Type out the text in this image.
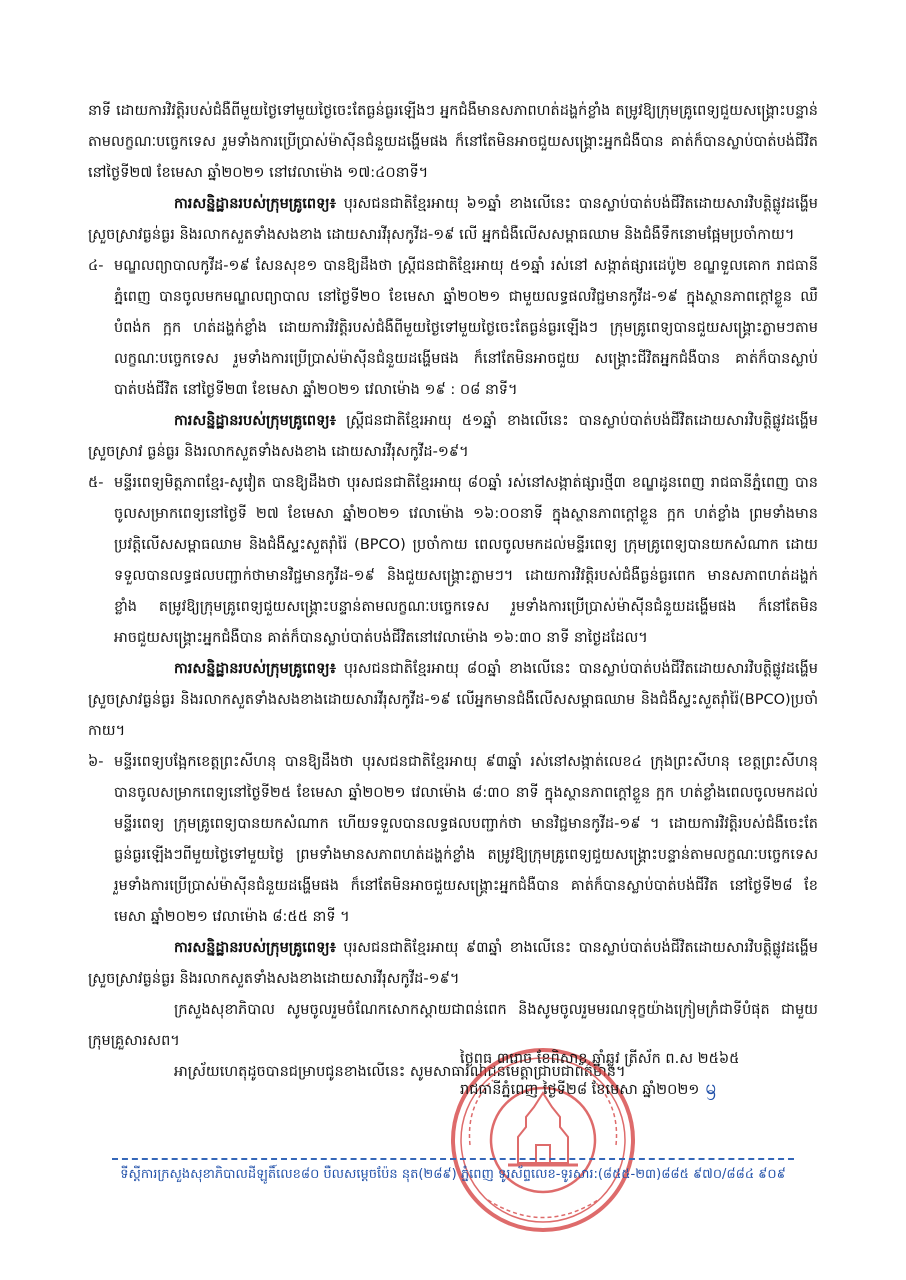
នាទី ដោយការវិវត្តិរបស់ជំងឺពីមួយថ្ងៃទៅមួយថ្ងៃចេះតែធ្ងន់ធ្ងរឡើងៗ អ្នកជំងឺមានសភាពហត់ដង្ហក់ខ្លាំង តម្រូវឱ្យក្រុមគ្រូពេទ្យជួយសង្គ្រោះបន្ទាន់តាមលក្ខណៈបច្ចេកទេស រួមទាំងការប្រើប្រាស់ម៉ាស៊ីនជំនួយដង្ហើមផង ក៏នៅតែមិនអាចជួយសង្គ្រោះអ្នកជំងឺបាន គាត់ក៏បានស្លាប់បាត់បង់ជីវិត នៅថ្ងៃទី២៧ ខែមេសា ឆ្នាំ២០២១ នៅវេលាម៉ោង ១៧:៤០នាទី។

ការសន្និដ្ឋានរបស់ក្រុមគ្រូពេទ្យ៖ បុរសជនជាតិខ្មែរអាយុ ៦១ឆ្នាំ ខាងលើនេះ បានស្លាប់បាត់បង់ជីវិតដោយសារវិបត្តិផ្លូវដង្ហើមស្រួចស្រាវធ្ងន់ធ្ងរ និងរលាកសួតទាំងសងខាង ដោយសារវីរុសកូវីដ-១៩ លើ អ្នកជំងឺលើសសម្ពាធឈាម និងជំងឺទឹកនោមផ្អែមប្រចាំកាយ។

៤- មណ្ឌលព្យាបាលកូវីដ-១៩ សែនសុខ១ បានឱ្យដឹងថា ស្ត្រីជនជាតិខ្មែរអាយុ ៥១ឆ្នាំ រស់នៅ សង្កាត់ផ្សារដេប៉ូ២ ខណ្ឌទួលគោក រាជធានីភ្នំពេញ បានចូលមកមណ្ឌលព្យាបាល នៅថ្ងៃទី២០ ខែមេសា ឆ្នាំ២០២១ ជាមួយលទ្ធផលវិជ្ជមានកូវីដ-១៩ ក្នុងស្ថានភាពក្តៅខ្លួន ឈឺបំពង់ក ក្អក ហត់ដង្ហក់ខ្លាំង ដោយការវិវត្តិរបស់ជំងឺពីមួយថ្ងៃទៅមួយថ្ងៃចេះតែធ្ងន់ធ្ងរឡើងៗ ក្រុមគ្រូពេទ្យបានជួយសង្គ្រោះភ្លាមៗតាមលក្ខណៈបច្ចេកទេស រួមទាំងការប្រើប្រាស់ម៉ាស៊ីនជំនួយដង្ហើមផង ក៏នៅតែមិនអាចជួយ សង្គ្រោះជីវិតអ្នកជំងឺបាន គាត់ក៏បានស្លាប់បាត់បង់ជីវិត នៅថ្ងៃទី២៣ ខែមេសា ឆ្នាំ២០២១ វេលាម៉ោង ១៩ : ០៨ នាទី។

ការសន្និដ្ឋានរបស់ក្រុមគ្រូពេទ្យ៖ ស្ត្រីជនជាតិខ្មែរអាយុ ៥១ឆ្នាំ ខាងលើនេះ បានស្លាប់បាត់បង់ជីវិតដោយសារវិបត្តិផ្លូវដង្ហើមស្រួចស្រាវ ធ្ងន់ធ្ងរ និងរលាកសួតទាំងសងខាង ដោយសារវីរុសកូវីដ-១៩។

៥- មន្ទីរពេទ្យមិត្តភាពខ្មែរ-សូវៀត បានឱ្យដឹងថា បុរសជនជាតិខ្មែរអាយុ ៨០ឆ្នាំ រស់នៅសង្កាត់ផ្សារថ្មី៣ ខណ្ឌដូនពេញ រាជធានីភ្នំពេញ បានចូលសម្រាកពេទ្យនៅថ្ងៃទី ២៧ ខែមេសា ឆ្នាំ២០២១ វេលាម៉ោង ១៦:០០នាទី ក្នុងស្ថានភាពក្តៅខ្លួន ក្អក ហត់ខ្លាំង ព្រមទាំងមានប្រវត្តិលើសសម្ពាធឈាម និងជំងឺស្ទះសួតរ៉ាំរ៉ៃ (BPCO) ប្រចាំកាយ ពេលចូលមកដល់មន្ទីរពេទ្យ ក្រុមគ្រូពេទ្យបានយកសំណាក ដោយទទួលបានលទ្ធផលបញ្ជាក់ថាមានវិជ្ជមានកូវីដ-១៩ និងជួយសង្គ្រោះភ្លាមៗ។ ដោយការវិវត្តិរបស់ជំងឺធ្ងន់ធ្ងរពេក មានសភាពហត់ដង្ហក់ខ្លាំង តម្រូវឱ្យក្រុមគ្រូពេទ្យជួយសង្គ្រោះបន្ទាន់តាមលក្ខណៈបច្ចេកទេស រួមទាំងការប្រើប្រាស់ម៉ាស៊ីនជំនួយដង្ហើមផង ក៏នៅតែមិនអាចជួយសង្គ្រោះអ្នកជំងឺបាន គាត់ក៏បានស្លាប់បាត់បង់ជីវិតនៅវេលាម៉ោង ១៦:៣០ នាទី នាថ្ងៃដដែល។

ការសន្និដ្ឋានរបស់ក្រុមគ្រូពេទ្យ៖ បុរសជនជាតិខ្មែរអាយុ ៨០ឆ្នាំ ខាងលើនេះ បានស្លាប់បាត់បង់ជីវិតដោយសារវិបត្តិផ្លូវដង្ហើមស្រួចស្រាវធ្ងន់ធ្ងរ និងរលាកសួតទាំងសងខាងដោយសារវីរុសកូវីដ-១៩ លើអ្នកមានជំងឺលើសសម្ពាធឈាម និងជំងឺស្ទះសួតរ៉ាំរ៉ៃ(BPCO)ប្រចាំកាយ។

៦- មន្ទីរពេទ្យបង្អែកខេត្តព្រះសីហនុ បានឱ្យដឹងថា បុរសជនជាតិខ្មែរអាយុ ៩៣ឆ្នាំ រស់នៅសង្កាត់លេខ៤ ក្រុងព្រះសីហនុ ខេត្តព្រះសីហនុ បានចូលសម្រាកពេទ្យនៅថ្ងៃទី២៥ ខែមេសា ឆ្នាំ២០២១ វេលាម៉ោង ៨:៣០ នាទី ក្នុងស្ថានភាពក្តៅខ្លួន ក្អក ហត់ខ្លាំងពេលចូលមកដល់មន្ទីរពេទ្យ ក្រុមគ្រូពេទ្យបានយកសំណាក ហើយទទួលបានលទ្ធផលបញ្ជាក់ថា មានវិជ្ជមានកូវីដ-១៩ ។ ដោយការវិវត្តិរបស់ជំងឺចេះតែធ្ងន់ធ្ងរឡើងៗពីមួយថ្ងៃទៅមួយថ្ងៃ ព្រមទាំងមានសភាពហត់ដង្ហក់ខ្លាំង តម្រូវឱ្យក្រុមគ្រូពេទ្យជួយសង្គ្រោះបន្ទាន់តាមលក្ខណៈបច្ចេកទេស រួមទាំងការប្រើប្រាស់ម៉ាស៊ីនជំនួយដង្ហើមផង ក៏នៅតែមិនអាចជួយសង្គ្រោះអ្នកជំងឺបាន គាត់ក៏បានស្លាប់បាត់បង់ជីវិត នៅថ្ងៃទី២៨ ខែមេសា ឆ្នាំ២០២១ វេលាម៉ោង ៨:៥៥ នាទី ។

ការសន្និដ្ឋានរបស់ក្រុមគ្រូពេទ្យ៖ បុរសជនជាតិខ្មែរអាយុ ៩៣ឆ្នាំ ខាងលើនេះ បានស្លាប់បាត់បង់ជីវិតដោយសារវិបត្តិផ្លូវដង្ហើមស្រួចស្រាវធ្ងន់ធ្ងរ និងរលាកសួតទាំងសងខាងដោយសារវីរុសកូវីដ-១៩។

ក្រសួងសុខាភិបាល សូមចូលរួមចំណែកសោកស្តាយជាពន់ពេក និងសូមចូលរួមមរណទុក្ខយ៉ាងក្រៀមក្រំជាទីបំផុត ជាមួយក្រុមគ្រួសារសព។

អាស្រ័យហេតុដូចបានជម្រាបជូនខាងលើនេះ សូមសាធារណជនមេត្តាជ្រាបជាព័ត៌មាន។

ថ្ងៃពុធ ៣រោច ខែពិសាខ ឆ្នាំឆ្លូវ ត្រីស័ក ព.ស ២៥៦៥
រាជធានីភ្នំពេញ ថ្ងៃទី២៨ ខែមេសា ឆ្នាំ២០២១ ᦙ
ទីស្តីការក្រសួងសុខាភិបាលដីឡូតិ៍លេខ៨០ បឺលសម្តេចប៉ែន នុត(២៨៩) ភ្នំពេញ ទូរស័ព្ទលេខ-ទូរសារ:(៨៥៥-២៣)៨៨៥ ៩៧០/៨៨៤ ៩០៩
